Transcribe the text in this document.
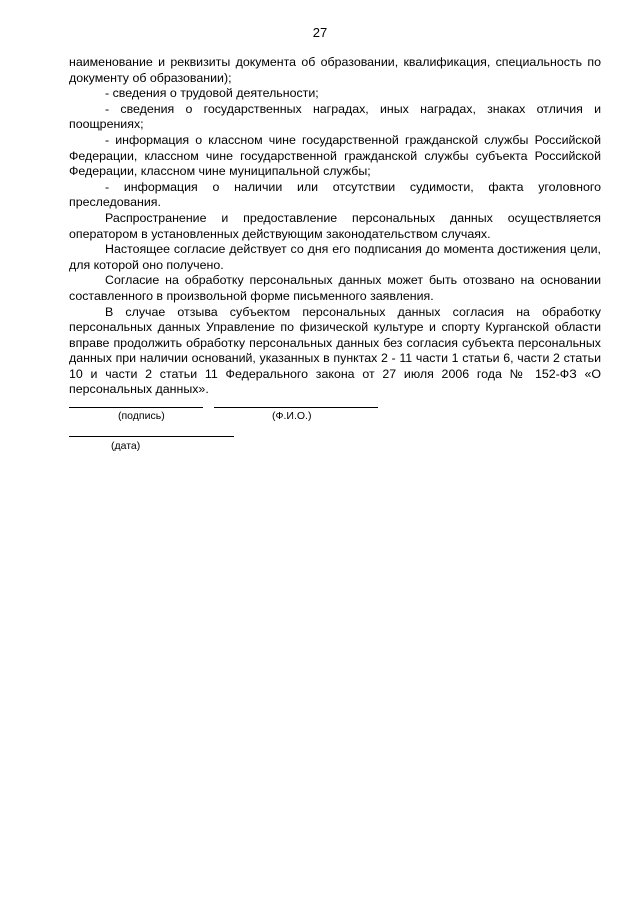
27

наименование и реквизиты документа об образовании, квалификация, специальность по документу об образовании);

- сведения о трудовой деятельности;

- сведения о государственных наградах, иных наградах, знаках отличия и поощрениях;

- информация о классном чине государственной гражданской службы Российской Федерации, классном чине государственной гражданской службы субъекта Российской Федерации, классном чине муниципальной службы;

- информация о наличии или отсутствии судимости, факта уголовного преследования.

Распространение и предоставление персональных данных осуществляется оператором в установленных действующим законодательством случаях.

Настоящее согласие действует со дня его подписания до момента достижения цели, для которой оно получено.

Согласие на обработку персональных данных может быть отозвано на основании составленного в произвольной форме письменного заявления.

В случае отзыва субъектом персональных данных согласия на обработку персональных данных Управление по физической культуре и спорту Курганской области вправе продолжить обработку персональных данных без согласия субъекта персональных данных при наличии оснований, указанных в пунктах 2 - 11 части 1 статьи 6, части 2 статьи 10 и части 2 статьи 11 Федерального закона от 27 июля 2006 года № 152-ФЗ «О персональных данных».

(подпись)	(Ф.И.О.)
(дата)
